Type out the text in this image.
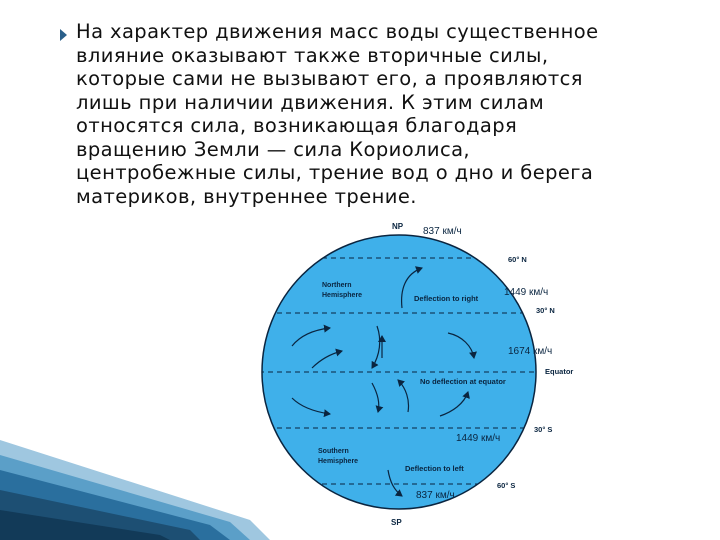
На характер движения масс воды существенное
влияние оказывают также вторичные силы,
которые сами не вызывают его, а проявляются
лишь при наличии движения. К этим силам
относятся сила, возникающая благодаря
вращению Земли — сила Кориолиса,
центробежные силы, трение вод о дно и берега
материков, внутреннее трение.
NP
SP
60° N
30° N
Equator
30° S
60° S
837 км/ч
1449 км/ч
1674 км/ч
1449 км/ч
837 км/ч
Northern Hemisphere
Southern Hemisphere
Deflection to right
No deflection at equator
Deflection to left
